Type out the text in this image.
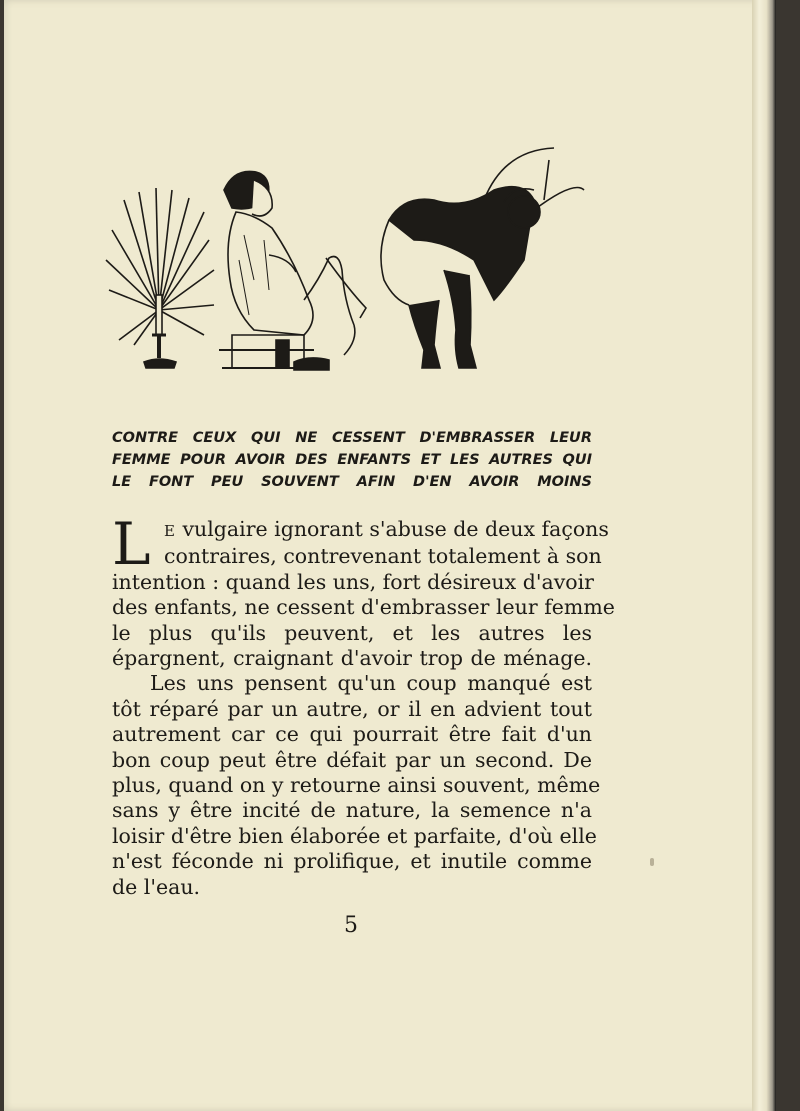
CONTRE CEUX QUI NE CESSENT D'EMBRASSER LEUR
FEMME POUR AVOIR DES ENFANTS ET LES AUTRES QUI
LE FONT PEU SOUVENT AFIN D'EN AVOIR MOINS
L E vulgaire ignorant s'abuse de deux façons
contraires, contrevenant totalement à son
intention : quand les uns, fort désireux d'avoir
des enfants, ne cessent d'embrasser leur femme
le plus qu'ils peuvent, et les autres les
épargnent, craignant d'avoir trop de ménage.
Les uns pensent qu'un coup manqué est
tôt réparé par un autre, or il en advient tout
autrement car ce qui pourrait être fait d'un
bon coup peut être défait par un second. De
plus, quand on y retourne ainsi souvent, même
sans y être incité de nature, la semence n'a
loisir d'être bien élaborée et parfaite, d'où elle
n'est féconde ni prolifique, et inutile comme
de l'eau.
5
